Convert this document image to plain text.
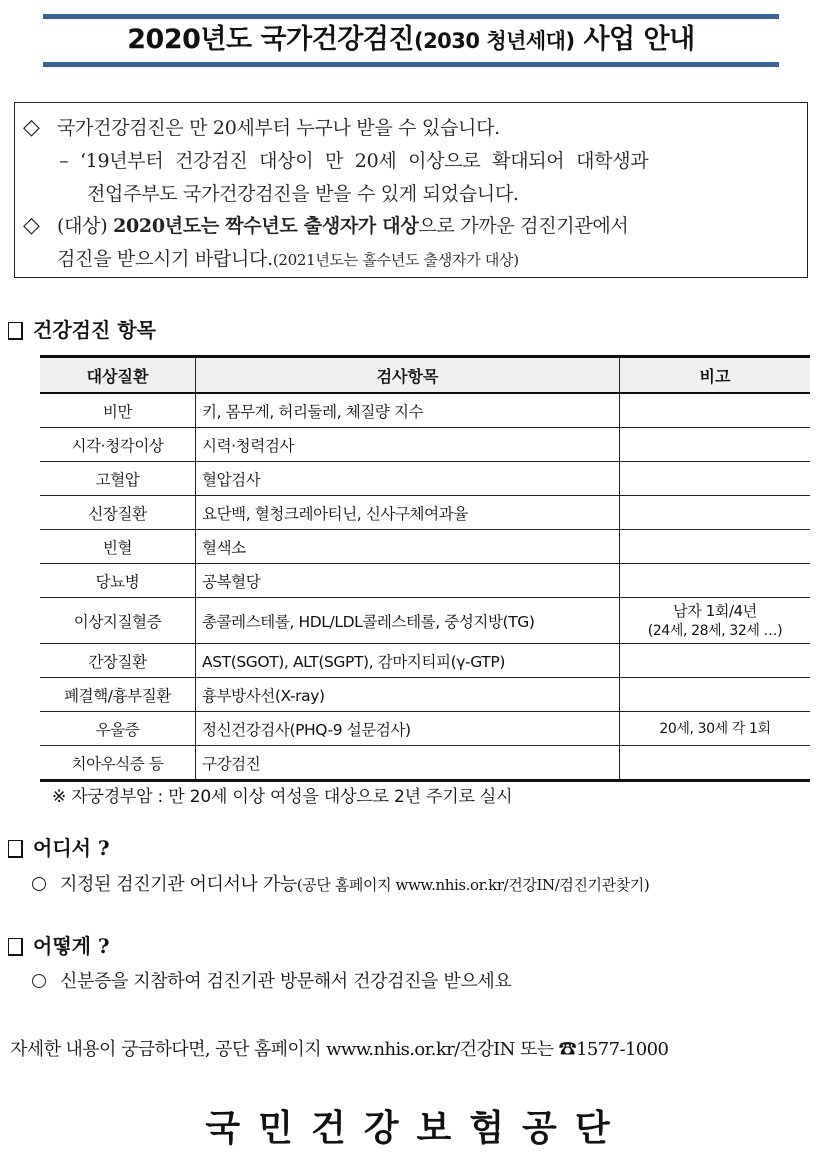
2020년도 국가건강검진(2030 청년세대) 사업 안내
◇ 국가건강검진은 만 20세부터 누구나 받을 수 있습니다.
– ‘19년부터 건강검진 대상이 만 20세 이상으로 확대되어 대학생과
전업주부도 국가건강검진을 받을 수 있게 되었습니다.
◇ (대상) 2020년도는 짝수년도 출생자가 대상으로 가까운 검진기관에서
검진을 받으시기 바랍니다.(2021년도는 홀수년도 출생자가 대상)
건강검진 항목
대상질환	검사항목	비고
비만	키, 몸무게, 허리둘레, 체질량 지수	
시각·청각이상	시력·청력검사	
고혈압	혈압검사	
신장질환	요단백, 혈청크레아티닌, 신사구체여과율	
빈혈	혈색소	
당뇨병	공복혈당	
이상지질혈증	총콜레스테롤, HDL/LDL콜레스테롤, 중성지방(TG)	남자 1회/4년
(24세, 28세, 32세 …)

간장질환	AST(SGOT), ALT(SGPT), 감마지티피(γ-GTP)	
폐결핵/흉부질환	흉부방사선(X-ray)	
우울증	정신건강검사(PHQ-9 설문검사)	20세, 30세 각 1회
치아우식증 등	구강검진	
※ 자궁경부암 : 만 20세 이상 여성을 대상으로 2년 주기로 실시
어디서 ?
지정된 검진기관 어디서나 가능(공단 홈페이지 www.nhis.or.kr/건강IN/검진기관찾기)
어떻게 ?
신분증을 지참하여 검진기관 방문해서 건강검진을 받으세요
자세한 내용이 궁금하다면, 공단 홈페이지 www.nhis.or.kr/건강IN 또는 ☎1577-1000
국민건강보험공단
